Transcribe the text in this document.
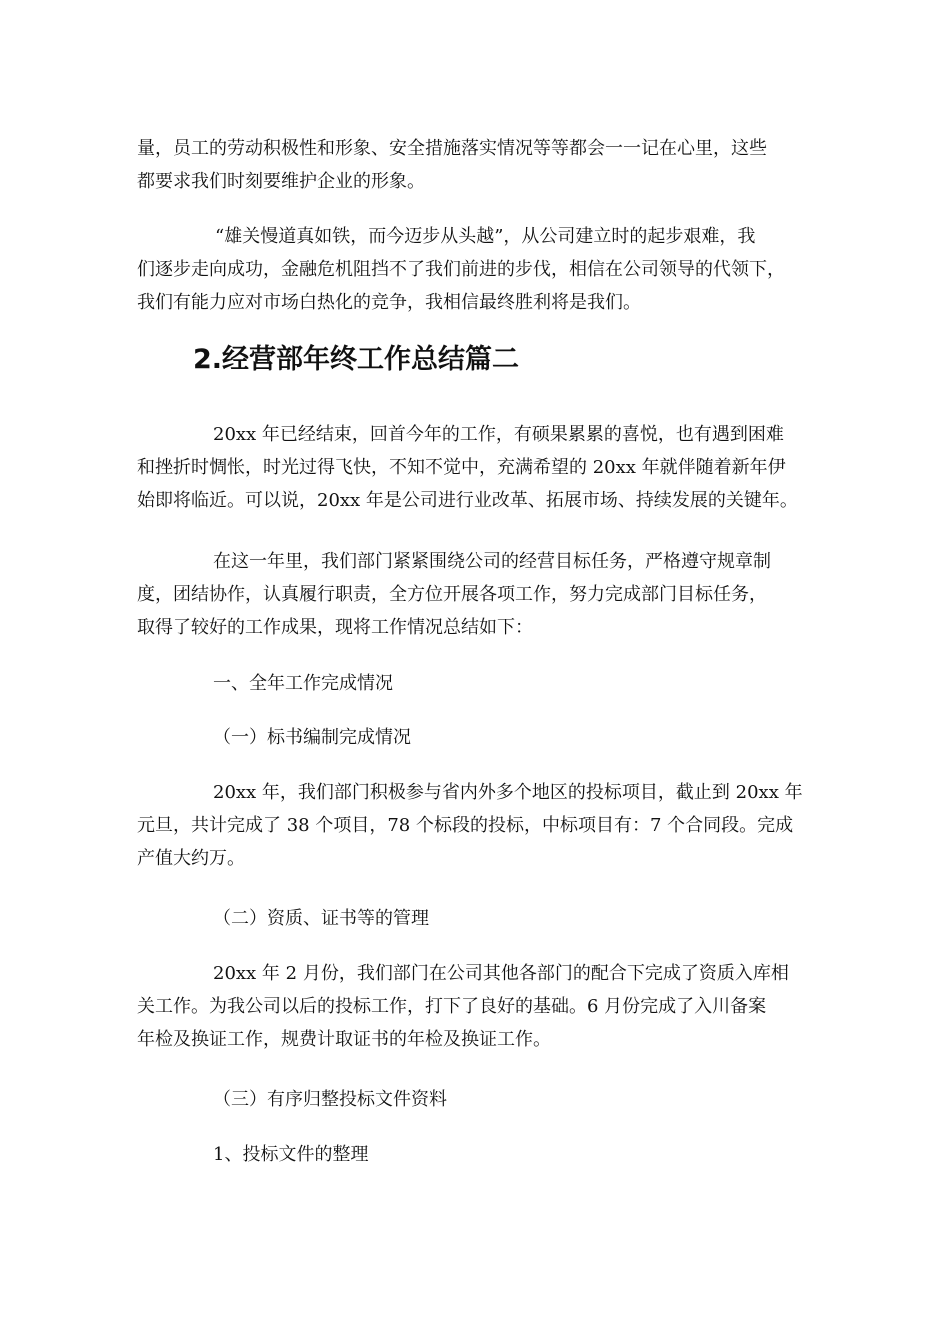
量，员工的劳动积极性和形象、安全措施落实情况等等都会一一记在心里，这些
都要求我们时刻要维护企业的形象。

“雄关慢道真如铁，而今迈步从头越”，从公司建立时的起步艰难，我
们逐步走向成功，金融危机阻挡不了我们前进的步伐，相信在公司领导的代领下，
我们有能力应对市场白热化的竞争，我相信最终胜利将是我们。

2.经营部年终工作总结篇二

20xx 年已经结束，回首今年的工作，有硕果累累的喜悦，也有遇到困难
和挫折时惆怅，时光过得飞快，不知不觉中，充满希望的 20xx 年就伴随着新年伊
始即将临近。可以说，20xx 年是公司进行业改革、拓展市场、持续发展的关键年。

在这一年里，我们部门紧紧围绕公司的经营目标任务，严格遵守规章制
度，团结协作，认真履行职责，全方位开展各项工作，努力完成部门目标任务，
取得了较好的工作成果，现将工作情况总结如下：

一、全年工作完成情况

（一）标书编制完成情况

20xx 年，我们部门积极参与省内外多个地区的投标项目，截止到 20xx 年
元旦，共计完成了 38 个项目，78 个标段的投标，中标项目有：7 个合同段。完成
产值大约万。

（二）资质、证书等的管理

20xx 年 2 月份，我们部门在公司其他各部门的配合下完成了资质入库相
关工作。为我公司以后的投标工作，打下了良好的基础。6 月份完成了入川备案
年检及换证工作，规费计取证书的年检及换证工作。

（三）有序归整投标文件资料

1、投标文件的整理
